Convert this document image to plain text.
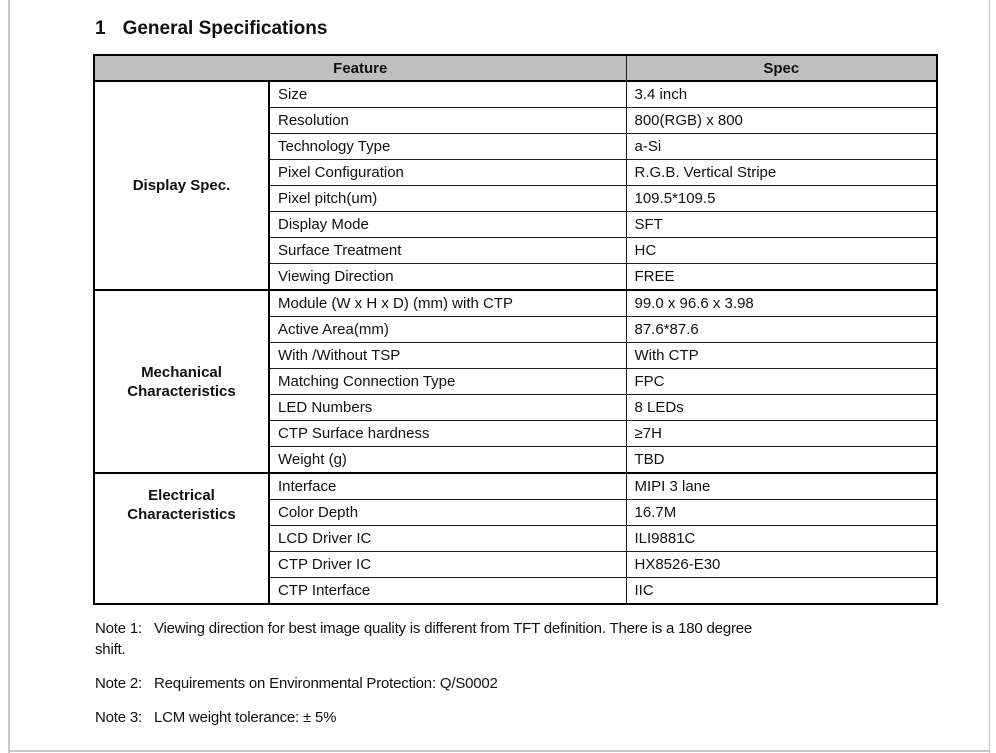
1 General Specifications
Feature		Spec
Display Spec.	Size	3.4 inch
	Resolution	800(RGB) x 800
	Technology Type	a-Si
	Pixel Configuration	R.G.B. Vertical Stripe
	Pixel pitch(um)	109.5*109.5
	Display Mode	SFT
	Surface Treatment	HC
	Viewing Direction	FREE
Mechanical Characteristics	Module (W x H x D) (mm) with CTP	99.0 x 96.6 x 3.98
	Active Area(mm)	87.6*87.6
	With /Without TSP	With CTP
	Matching Connection Type	FPC
	LED Numbers	8 LEDs
	CTP Surface hardness	≥7H
	Weight (g)	TBD
Electrical Characteristics	Interface	MIPI 3 lane
	Color Depth	16.7M
	LCD Driver IC	ILI9881C
	CTP Driver IC	HX8526-E30
	CTP Interface	IIC

Note 1: Viewing direction for best image quality is different from TFT definition. There is a 180 degree
shift.

Note 2: Requirements on Environmental Protection: Q/S0002

Note 3: LCM weight tolerance: ± 5%
